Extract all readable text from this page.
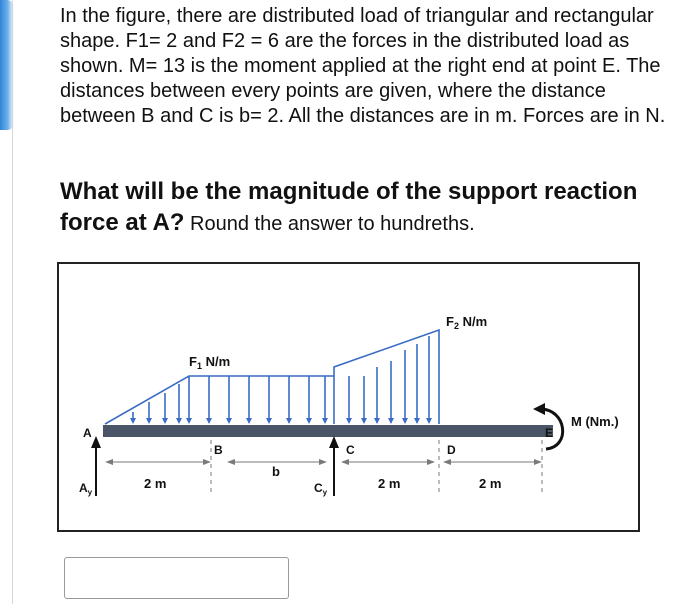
In the figure, there are distributed load of triangular and rectangular shape. F1= 2 and F2 = 6 are the forces in the distributed load as shown. M= 13 is the moment applied at the right end at point E. The distances between every points are given, where the distance between B and C is b= 2. All the distances are in m. Forces are in N.

What will be the magnitude of the support reaction force at A? Round the answer to hundreths.

$F_1$ N/m
$F_2$ N/m
M (Nm.)
A
B	C	D
E
$A_y$	$C_y$
2 m
b
2 m	2 m
